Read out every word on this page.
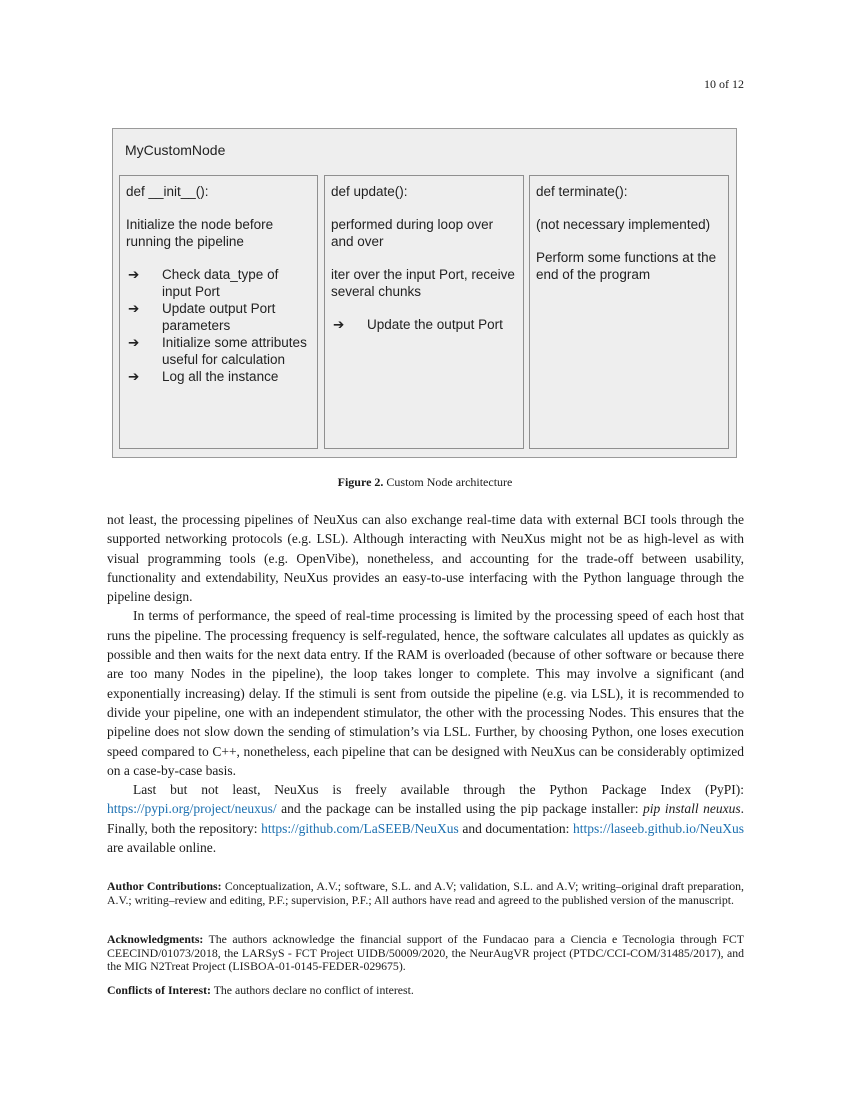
10 of 12
MyCustomNode
def __init__():
Initialize the node before running the pipeline
➔ Check data_type of input Port
➔ Update output Port parameters
➔ Initialize some attributes useful for calculation
➔ Log all the instance
def update():
performed during loop over and over
iter over the input Port, receive several chunks
➔ Update the output Port
def terminate():
(not necessary implemented)
Perform some functions at the end of the program
Figure 2. Custom Node architecture

not least, the processing pipelines of NeuXus can also exchange real-time data with external BCI tools through the supported networking protocols (e.g. LSL). Although interacting with NeuXus might not be as high-level as with visual programming tools (e.g. OpenVibe), nonetheless, and accounting for the trade-off between usability, functionality and extendability, NeuXus provides an easy-to-use interfacing with the Python language through the pipeline design.

In terms of performance, the speed of real-time processing is limited by the processing speed of each host that runs the pipeline. The processing frequency is self-regulated, hence, the software calculates all updates as quickly as possible and then waits for the next data entry. If the RAM is overloaded (because of other software or because there are too many Nodes in the pipeline), the loop takes longer to complete. This may involve a significant (and exponentially increasing) delay. If the stimuli is sent from outside the pipeline (e.g. via LSL), it is recommended to divide your pipeline, one with an independent stimulator, the other with the processing Nodes. This ensures that the pipeline does not slow down the sending of stimulation’s via LSL. Further, by choosing Python, one loses execution speed compared to C++, nonetheless, each pipeline that can be designed with NeuXus can be considerably optimized on a case-by-case basis.

Last but not least, NeuXus is freely available through the Python Package Index (PyPI): https://pypi.org/project/neuxus/ and the package can be installed using the pip package installer: pip install neuxus. Finally, both the repository: https://github.com/LaSEEB/NeuXus and documentation: https://laseeb.github.io/NeuXus are available online.

Author Contributions: Conceptualization, A.V.; software, S.L. and A.V; validation, S.L. and A.V; writing–original draft preparation, A.V.; writing–review and editing, P.F.; supervision, P.F.; All authors have read and agreed to the published version of the manuscript.
Acknowledgments: The authors acknowledge the financial support of the Fundacao para a Ciencia e Tecnologia through FCT CEECIND/01073/2018, the LARSyS - FCT Project UIDB/50009/2020, the NeurAugVR project (PTDC/CCI-COM/31485/2017), and the MIG N2Treat Project (LISBOA-01-0145-FEDER-029675).
Conflicts of Interest: The authors declare no conflict of interest.
